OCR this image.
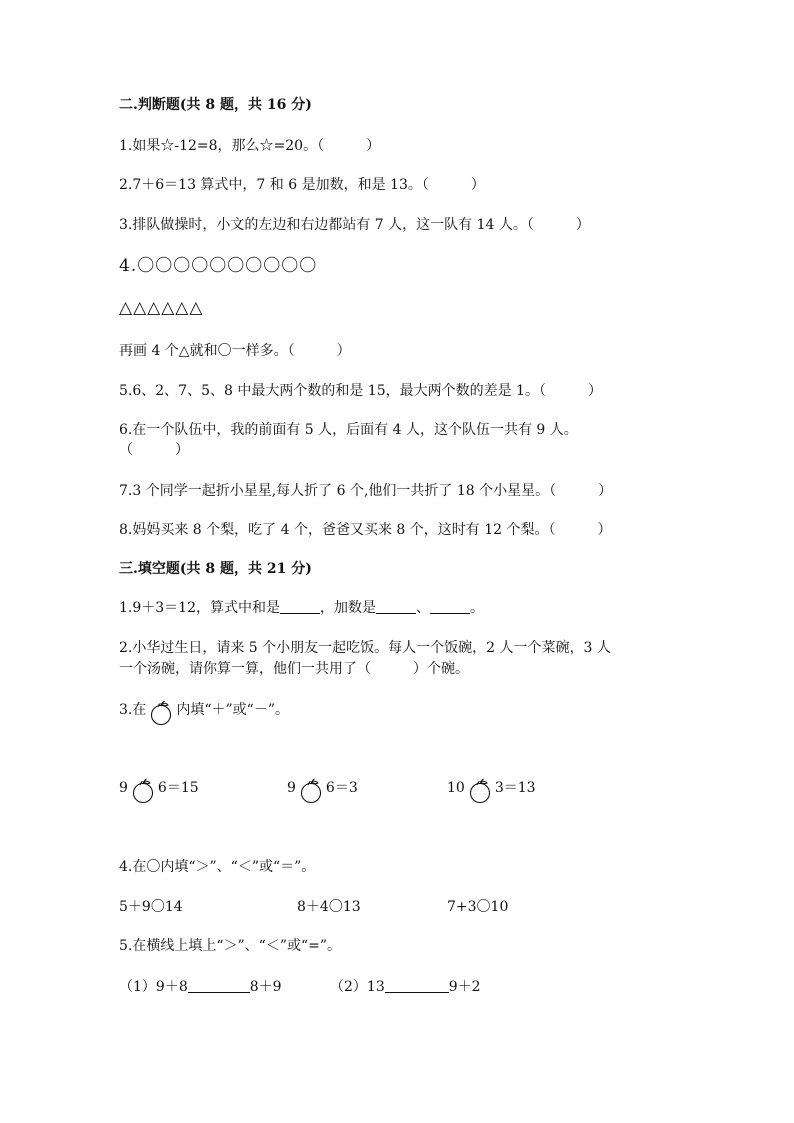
二.判断题(共 8 题，共 16 分)
1.如果☆-12=8，那么☆=20。（　　　）
2.7＋6＝13 算式中，7 和 6 是加数，和是 13。（　　　）
3.排队做操时，小文的左边和右边都站有 7 人，这一队有 14 人。（　　　）
4.〇〇〇〇〇〇〇〇〇〇
△△△△△△
再画 4 个△就和〇一样多。（　　　）
5.6、2、7、5、8 中最大两个数的和是 15，最大两个数的差是 1。（　　　）
6.在一个队伍中，我的前面有 5 人，后面有 4 人，这个队伍一共有 9 人。
（　　　）
7.3 个同学一起折小星星,每人折了 6 个,他们一共折了 18 个小星星。（　　　）
8.妈妈买来 8 个梨，吃了 4 个，爸爸又买来 8 个，这时有 12 个梨。（　　　）
三.填空题(共 8 题，共 21 分)
1.9＋3＝12，算式中和是	，加数是	、	。
2.小华过生日，请来 5 个小朋友一起吃饭。每人一个饭碗，2 人一个菜碗，3 人
一个汤碗，请你算一算，他们一共用了（　　　）个碗。
3.在 内填“＋”或“－”。
9 6＝15	9 6＝3	10 3＝13
4.在〇内填“＞”、“＜”或“＝”。
5＋9〇14	8＋4〇13	7+3〇10
5.在横线上填上“＞”、“＜”或“=”。
（1）9＋8	8＋9	（2）13	9＋2
